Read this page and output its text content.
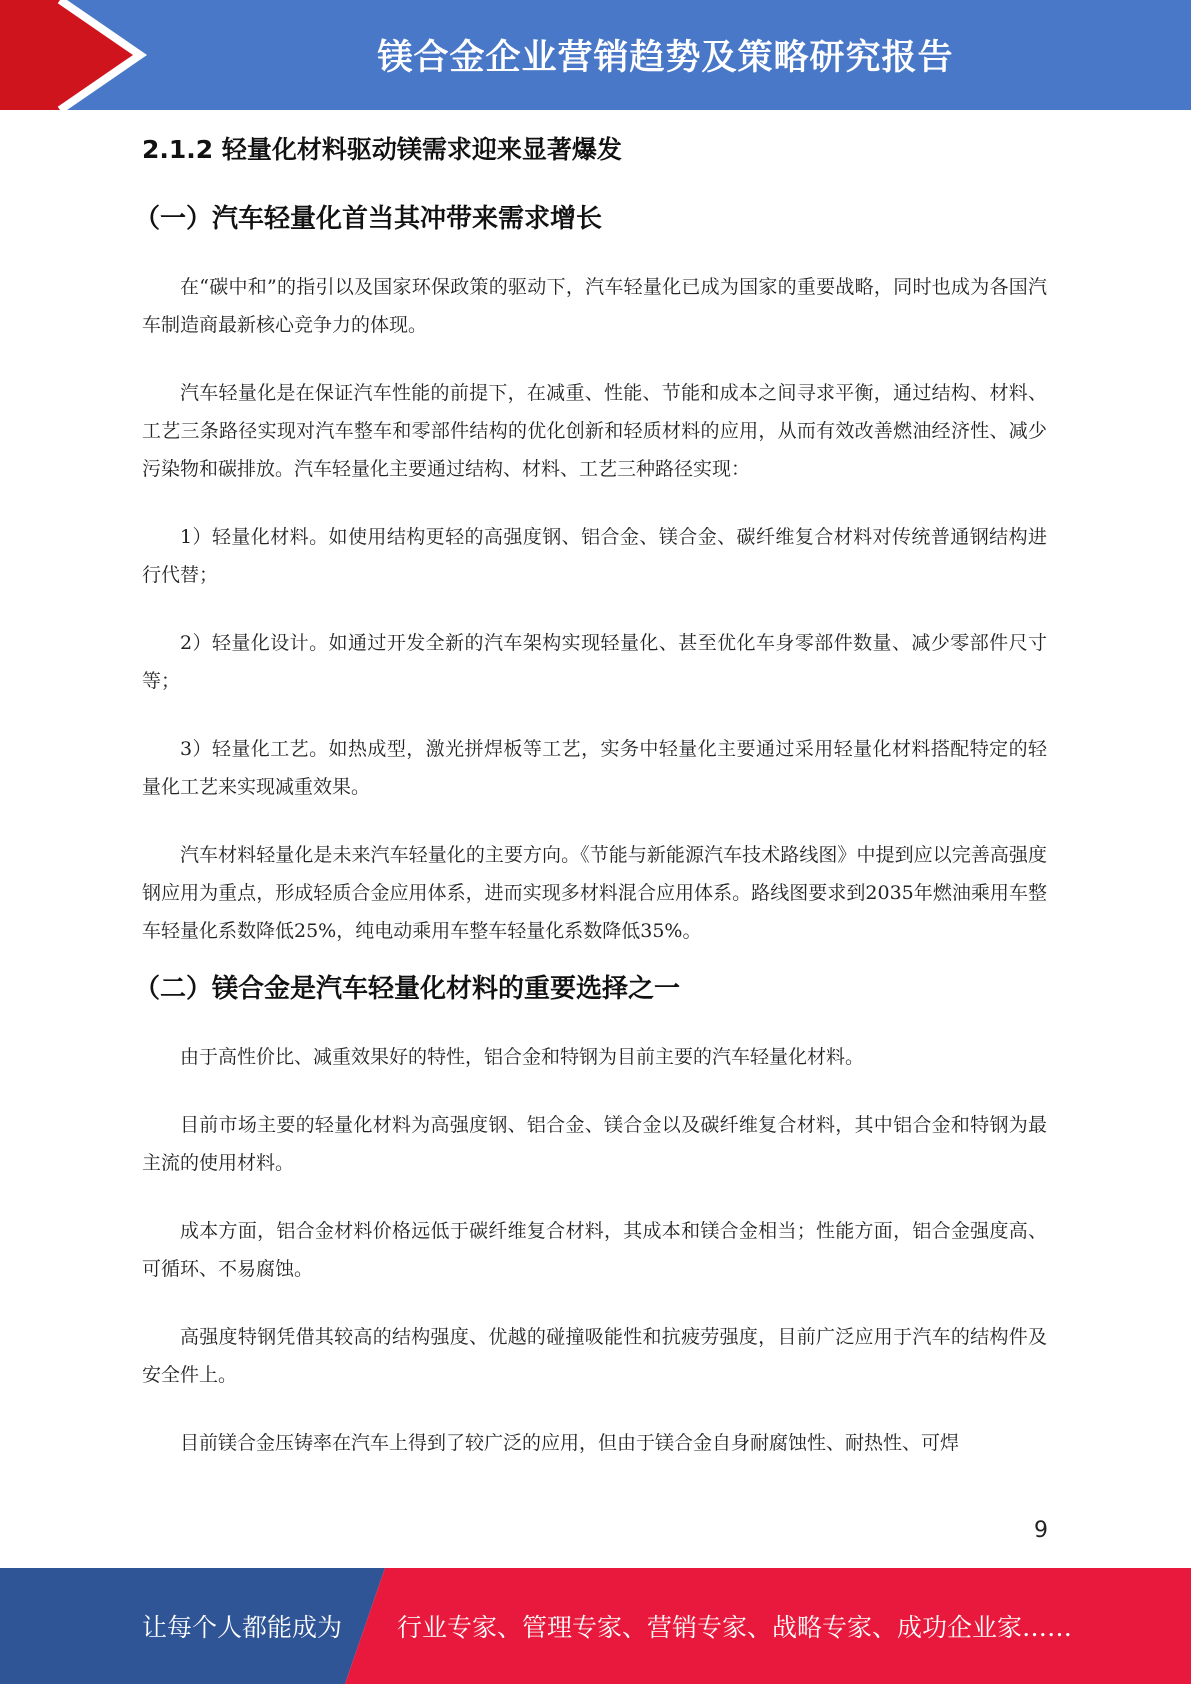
镁合金企业营销趋势及策略研究报告
2.1.2 轻量化材料驱动镁需求迎来显著爆发
（一）汽车轻量化首当其冲带来需求增长

在“碳中和”的指引以及国家环保政策的驱动下，汽车轻量化已成为国家的重要战略，同时也成为各国汽车制造商最新核心竞争力的体现。

汽车轻量化是在保证汽车性能的前提下，在减重、性能、节能和成本之间寻求平衡，通过结构、材料、工艺三条路径实现对汽车整车和零部件结构的优化创新和轻质材料的应用，从而有效改善燃油经济性、减少污染物和碳排放。汽车轻量化主要通过结构、材料、工艺三种路径实现：

1）轻量化材料。如使用结构更轻的高强度钢、铝合金、镁合金、碳纤维复合材料对传统普通钢结构进行代替；

2）轻量化设计。如通过开发全新的汽车架构实现轻量化、甚至优化车身零部件数量、减少零部件尺寸等；

3）轻量化工艺。如热成型，激光拼焊板等工艺，实务中轻量化主要通过采用轻量化材料搭配特定的轻量化工艺来实现减重效果。

汽车材料轻量化是未来汽车轻量化的主要方向。《节能与新能源汽车技术路线图》中提到应以完善高强度钢应用为重点，形成轻质合金应用体系，进而实现多材料混合应用体系。路线图要求到2035年燃油乘用车整车轻量化系数降低25%，纯电动乘用车整车轻量化系数降低35%。

（二）镁合金是汽车轻量化材料的重要选择之一

由于高性价比、减重效果好的特性，铝合金和特钢为目前主要的汽车轻量化材料。

目前市场主要的轻量化材料为高强度钢、铝合金、镁合金以及碳纤维复合材料，其中铝合金和特钢为最主流的使用材料。

成本方面，铝合金材料价格远低于碳纤维复合材料，其成本和镁合金相当；性能方面，铝合金强度高、可循环、不易腐蚀。

高强度特钢凭借其较高的结构强度、优越的碰撞吸能性和抗疲劳强度，目前广泛应用于汽车的结构件及安全件上。

目前镁合金压铸率在汽车上得到了较广泛的应用，但由于镁合金自身耐腐蚀性、耐热性、可焊

9
让每个人都能成为 行业专家、管理专家、营销专家、战略专家、成功企业家……
